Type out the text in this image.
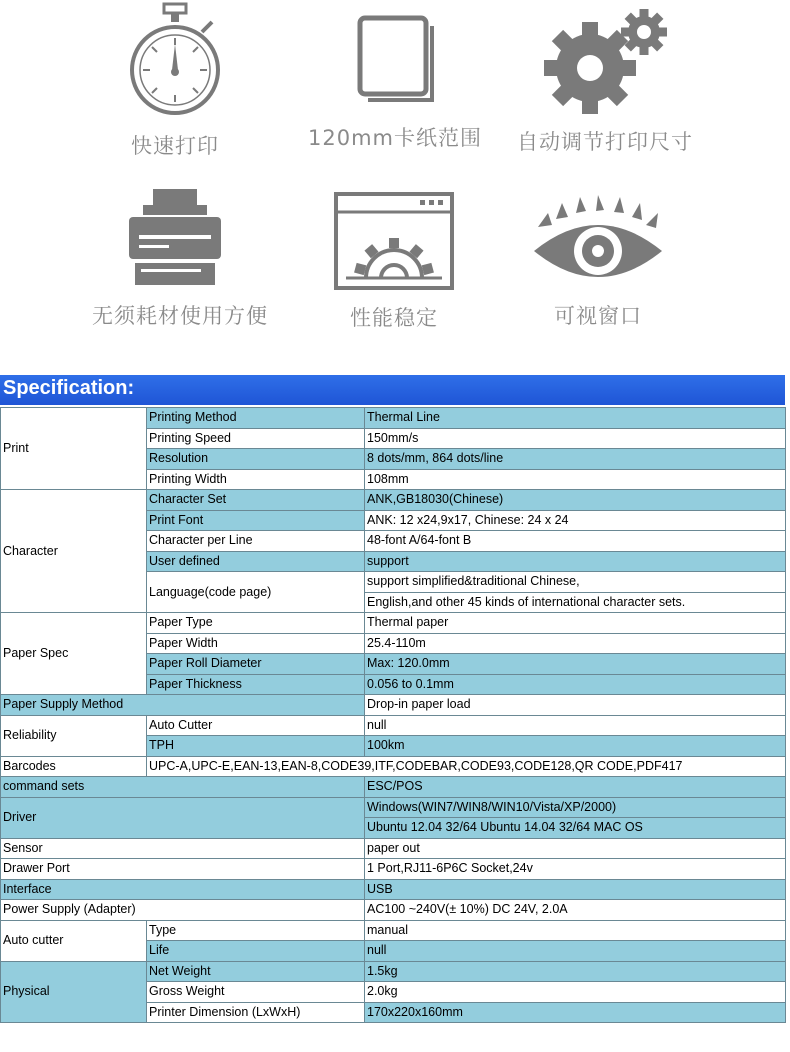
快速打印	120mm卡纸范围	自动调节打印尺寸
无须耗材使用方便	性能稳定	可视窗口
Specification:
Print	Printing Method	Thermal Line
	Printing Speed	150mm/s
	Resolution	8 dots/mm, 864 dots/line
	Printing Width	108mm
Character	Character Set	ANK,GB18030(Chinese)
	Print Font	ANK: 12 x24,9x17, Chinese: 24 x 24
	Character per Line	48-font A/64-font B
	User defined	support
	Language(code page)	support simplified&traditional Chinese,
		English,and other 45 kinds of international character sets.
Paper Spec	Paper Type	Thermal paper
	Paper Width	25.4-110m
	Paper Roll Diameter	Max: 120.0mm
	Paper Thickness	0.056 to 0.1mm
Paper Supply Method		Drop-in paper load
Reliability	Auto Cutter	null
	TPH	100km
Barcodes	UPC-A,UPC-E,EAN-13,EAN-8,CODE39,ITF,CODEBAR,CODE93,CODE128,QR CODE,PDF417	
command sets		ESC/POS
Driver		Windows(WIN7/WIN8/WIN10/Vista/XP/2000)
		Ubuntu 12.04 32/64 Ubuntu 14.04 32/64 MAC OS
Sensor		paper out
Drawer Port		1 Port,RJ11-6P6C Socket,24v
Interface		USB
Power Supply (Adapter)		AC100 ~240V(± 10%) DC 24V, 2.0A
Auto cutter	Type	manual
	Life	null
Physical	Net Weight	1.5kg
	Gross Weight	2.0kg
	Printer Dimension (LxWxH)	170x220x160mm
